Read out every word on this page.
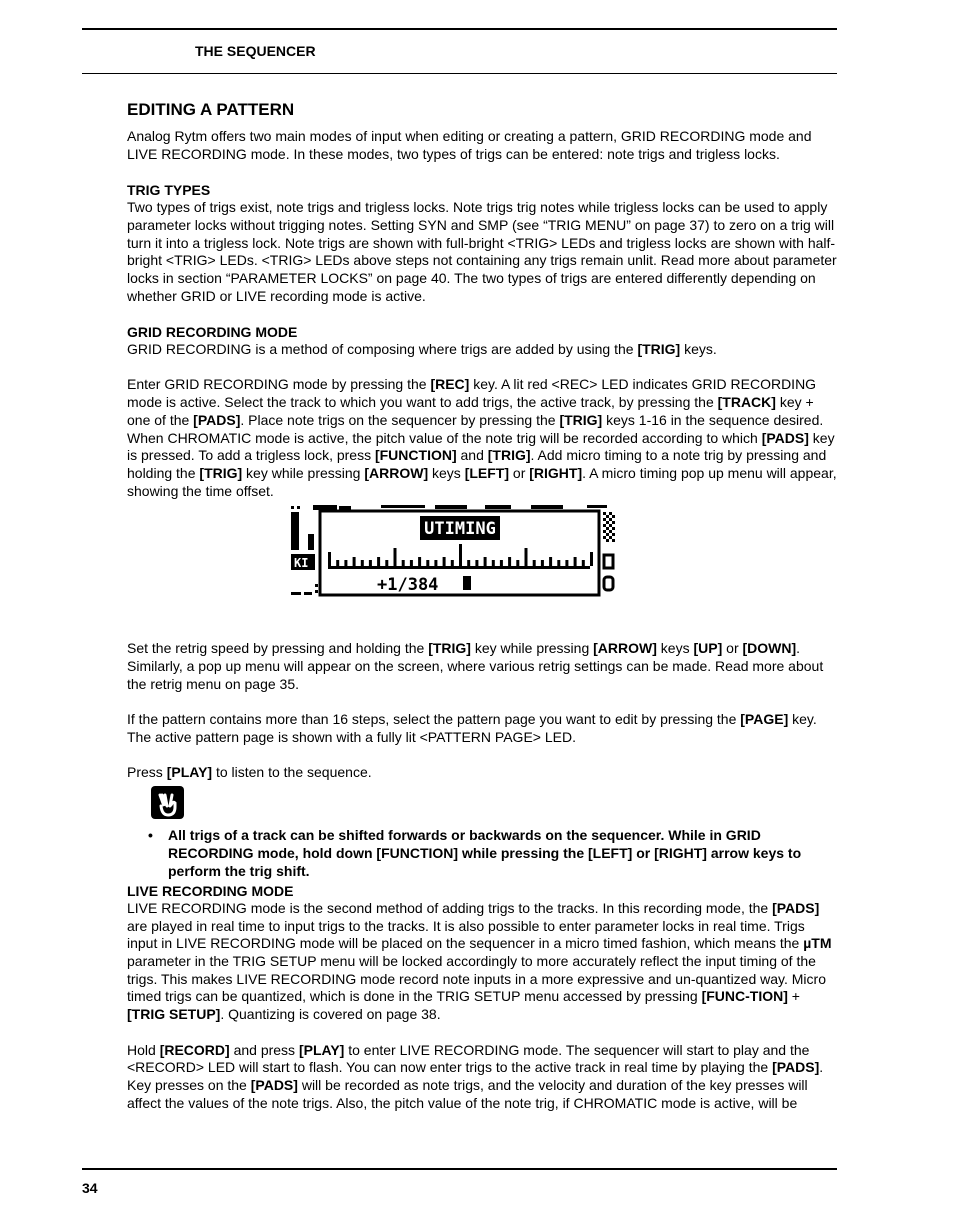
THE SEQUENCER
EDITING A PATTERN

Analog Rytm offers two main modes of input when editing or creating a pattern, GRID RECORDING mode and LIVE RECORDING mode. In these modes, two types of trigs can be entered: note trigs and trigless locks.

TRIG TYPES

Two types of trigs exist, note trigs and trigless locks. Note trigs trig notes while trigless locks can be used to apply parameter locks without trigging notes. Setting SYN and SMP (see “TRIG MENU” on page 37) to zero on a trig will turn it into a trigless lock. Note trigs are shown with full-bright <TRIG> LEDs and trigless locks are shown with half-bright <TRIG> LEDs. <TRIG> LEDs above steps not containing any trigs remain unlit. Read more about parameter locks in section “PARAMETER LOCKS” on page 40. The two types of trigs are entered differently depending on whether GRID or LIVE recording mode is active.

GRID RECORDING MODE

GRID RECORDING is a method of composing where trigs are added by using the [TRIG] keys.

Enter GRID RECORDING mode by pressing the [REC] key. A lit red <REC> LED indicates GRID RECORDING mode is active. Select the track to which you want to add trigs, the active track, by pressing the [TRACK] key + one of the [PADS]. Place note trigs on the sequencer by pressing the [TRIG] keys 1-16 in the sequence desired. When CHROMATIC mode is active, the pitch value of the note trig will be recorded according to which [PADS] key is pressed. To add a trigless lock, press [FUNCTION] and [TRIG]. Add micro timing to a note trig by pressing and holding the [TRIG] key while pressing [ARROW] keys [LEFT] or [RIGHT]. A micro timing pop up menu will appear, showing the time offset.

KI
UTIMING
+1/384

Set the retrig speed by pressing and holding the [TRIG] key while pressing [ARROW] keys [UP] or [DOWN]. Similarly, a pop up menu will appear on the screen, where various retrig settings can be made. Read more about the retrig menu on page 35.

If the pattern contains more than 16 steps, select the pattern page you want to edit by pressing the [PAGE] key. The active pattern page is shown with a fully lit <PATTERN PAGE> LED.

Press [PLAY] to listen to the sequence.

• All trigs of a track can be shifted forwards or backwards on the sequencer. While in GRID RECORDING mode, hold down [FUNCTION] while pressing the [LEFT] or [RIGHT] arrow keys to perform the trig shift.
LIVE RECORDING MODE

LIVE RECORDING mode is the second method of adding trigs to the tracks. In this recording mode, the [PADS] are played in real time to input trigs to the tracks. It is also possible to enter parameter locks in real time. Trigs input in LIVE RECORDING mode will be placed on the sequencer in a micro timed fashion, which means the µTM parameter in the TRIG SETUP menu will be locked accordingly to more accurately reflect the input timing of the trigs. This makes LIVE RECORDING mode record note inputs in a more expressive and un-quantized way. Micro timed trigs can be quantized, which is done in the TRIG SETUP menu accessed by pressing [FUNC-TION] + [TRIG SETUP]. Quantizing is covered on page 38.

Hold [RECORD] and press [PLAY] to enter LIVE RECORDING mode. The sequencer will start to play and the <RECORD> LED will start to flash. You can now enter trigs to the active track in real time by playing the [PADS]. Key presses on the [PADS] will be recorded as note trigs, and the velocity and duration of the key presses will affect the values of the note trigs. Also, the pitch value of the note trig, if CHROMATIC mode is active, will be

34
